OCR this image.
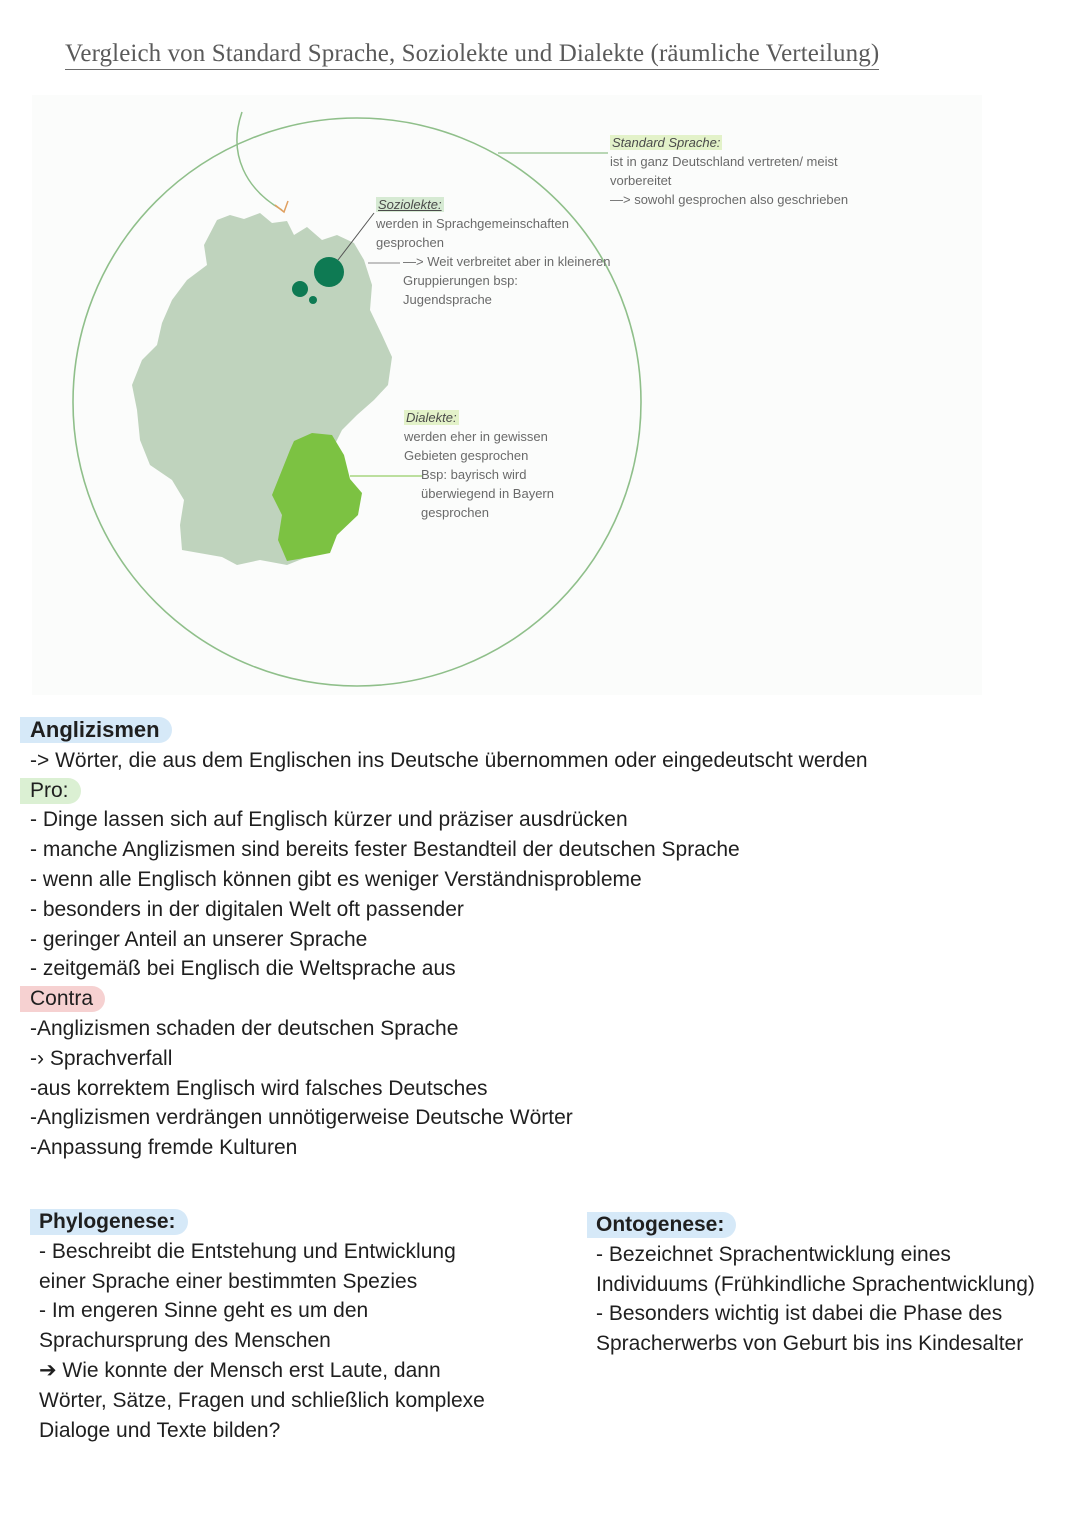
Vergleich von Standard Sprache, Soziolekte und Dialekte (räumliche Verteilung)
Standard Sprache:
ist in ganz Deutschland vertreten/ meist
vorbereitet
—> sowohl gesprochen also geschrieben
Soziolekte:
werden in Sprachgemeinschaften
gesprochen
—> Weit verbreitet aber in kleineren
Gruppierungen bsp:
Jugendsprache
Dialekte:
werden eher in gewissen
Gebieten gesprochen
Bsp: bayrisch wird
überwiegend in Bayern
gesprochen

Anglizismen

-> Wörter, die aus dem Englischen ins Deutsche übernommen oder eingedeutscht werden

Pro:

- Dinge lassen sich auf Englisch kürzer und präziser ausdrücken

- manche Anglizismen sind bereits fester Bestandteil der deutschen Sprache

- wenn alle Englisch können gibt es weniger Verständnisprobleme

- besonders in der digitalen Welt oft passender

- geringer Anteil an unserer Sprache

- zeitgemäß bei Englisch die Weltsprache aus

Contra

-Anglizismen schaden der deutschen Sprache

-› Sprachverfall

-aus korrektem Englisch wird falsches Deutsches

-Anglizismen verdrängen unnötigerweise Deutsche Wörter

-Anpassung fremde Kulturen

Phylogenese:

- Beschreibt die Entstehung und Entwicklung

einer Sprache einer bestimmten Spezies

- Im engeren Sinne geht es um den

Sprachursprung des Menschen

➔ Wie konnte der Mensch erst Laute, dann

Wörter, Sätze, Fragen und schließlich komplexe

Dialoge und Texte bilden?

Ontogenese:

- Bezeichnet Sprachentwicklung eines

Individuums (Frühkindliche Sprachentwicklung)

- Besonders wichtig ist dabei die Phase des

Spracherwerbs von Geburt bis ins Kindesalter
